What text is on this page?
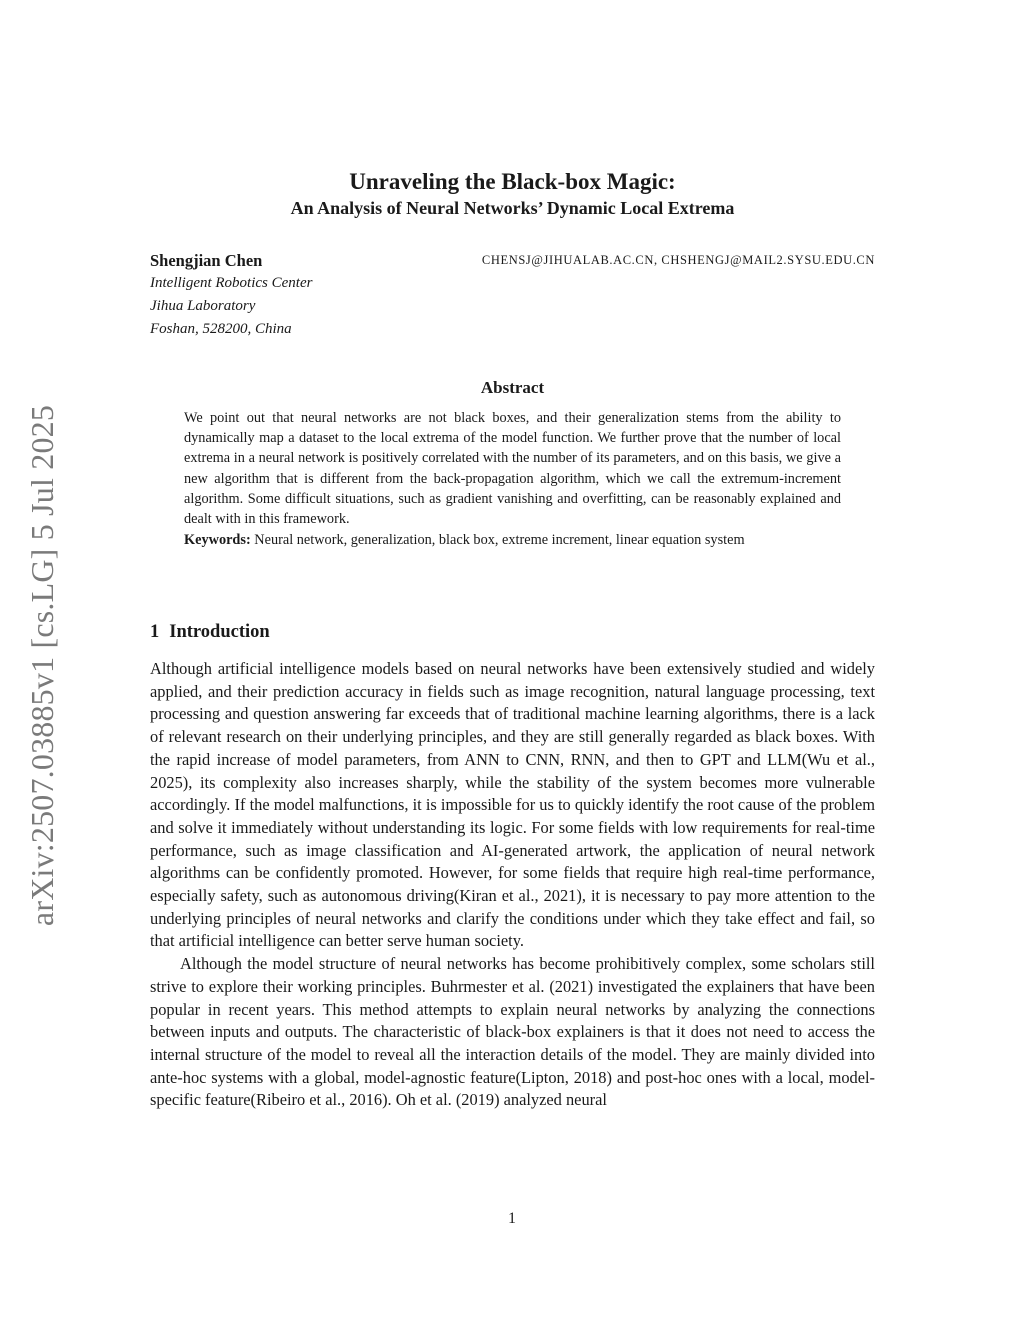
arXiv:2507.03885v1 [cs.LG] 5 Jul 2025
Unraveling the Black-box Magic:
An Analysis of Neural Networks’ Dynamic Local Extrema
Shengjian Chen	CHENSJ@JIHUALAB.AC.CN, CHSHENGJ@MAIL2.SYSU.EDU.CN
Intelligent Robotics Center
Jihua Laboratory
Foshan, 528200, China
Abstract

We point out that neural networks are not black boxes, and their generalization stems from the ability to dynamically map a dataset to the local extrema of the model function. We further prove that the number of local extrema in a neural network is positively correlated with the number of its parameters, and on this basis, we give a new algorithm that is different from the back-propagation algorithm, which we call the extremum-increment algorithm. Some difficult situations, such as gradient vanishing and overfitting, can be reasonably explained and dealt with in this framework.

Keywords: Neural network, generalization, black box, extreme increment, linear equation system

1 Introduction

Although artificial intelligence models based on neural networks have been extensively studied and widely applied, and their prediction accuracy in fields such as image recognition, natural language processing, text processing and question answering far exceeds that of traditional machine learning algorithms, there is a lack of relevant research on their underlying principles, and they are still generally regarded as black boxes. With the rapid increase of model parameters, from ANN to CNN, RNN, and then to GPT and LLM(Wu et al., 2025), its complexity also increases sharply, while the stability of the system becomes more vulnerable accordingly. If the model malfunctions, it is impossible for us to quickly identify the root cause of the problem and solve it immediately without understanding its logic. For some fields with low requirements for real-time performance, such as image classification and AI-generated artwork, the application of neural network algorithms can be confidently promoted. However, for some fields that require high real-time performance, especially safety, such as autonomous driving(Kiran et al., 2021), it is necessary to pay more attention to the underlying principles of neural networks and clarify the conditions under which they take effect and fail, so that artificial intelligence can better serve human society.

Although the model structure of neural networks has become prohibitively complex, some scholars still strive to explore their working principles. Buhrmester et al. (2021) investigated the explainers that have been popular in recent years. This method attempts to explain neural networks by analyzing the connections between inputs and outputs. The characteristic of black-box explainers is that it does not need to access the internal structure of the model to reveal all the interaction details of the model. They are mainly divided into ante-hoc systems with a global, model-agnostic feature(Lipton, 2018) and post-hoc ones with a local, model-specific feature(Ribeiro et al., 2016). Oh et al. (2019) analyzed neural

1
